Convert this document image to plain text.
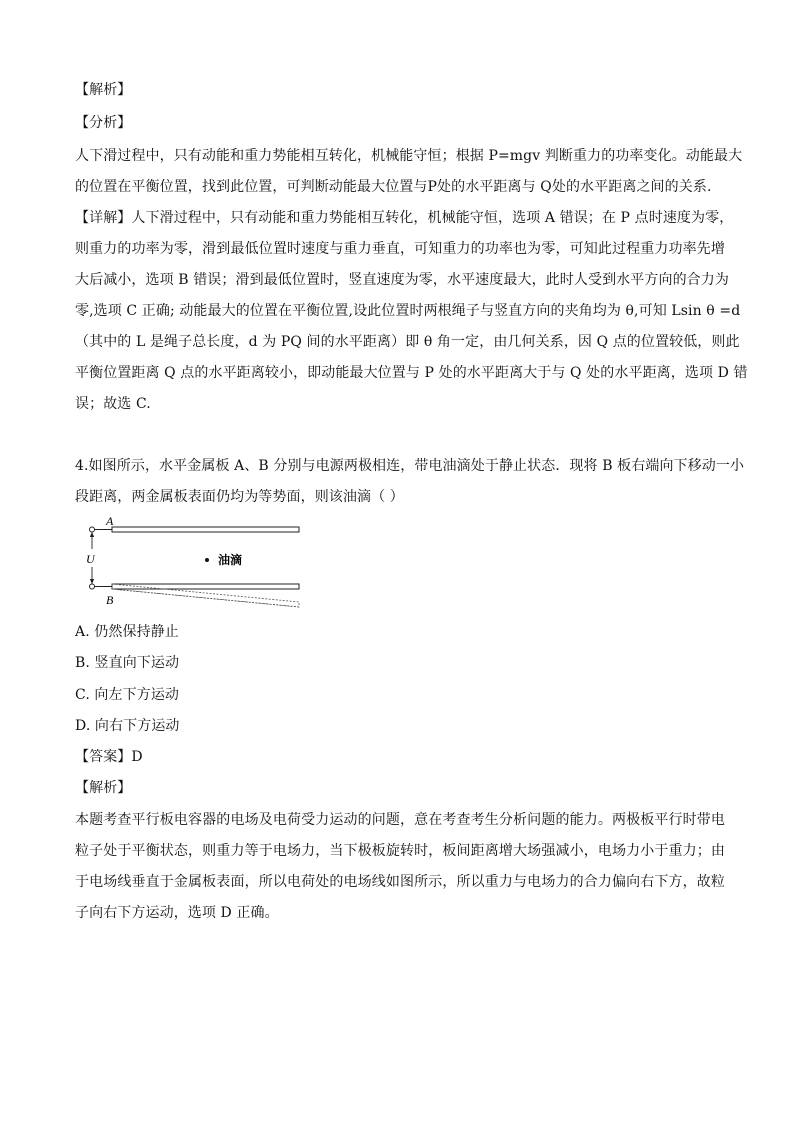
【解析】
【分析】
人下滑过程中，只有动能和重力势能相互转化，机械能守恒；根据 P=mgv 判断重力的功率变化。动能最大
的位置在平衡位置，找到此位置，可判断动能最大位置与P处的水平距离与 Q处的水平距离之间的关系.
【详解】人下滑过程中，只有动能和重力势能相互转化，机械能守恒，选项 A 错误；在 P 点时速度为零，
则重力的功率为零，滑到最低位置时速度与重力垂直，可知重力的功率也为零，可知此过程重力功率先增
大后减小，选项 B 错误；滑到最低位置时，竖直速度为零，水平速度最大，此时人受到水平方向的合力为
零,选项 C 正确; 动能最大的位置在平衡位置,设此位置时两根绳子与竖直方向的夹角均为 θ,可知 Lsin θ =d
（其中的 L 是绳子总长度，d 为 PQ 间的水平距离）即 θ 角一定，由几何关系，因 Q 点的位置较低，则此
平衡位置距离 Q 点的水平距离较小，即动能最大位置与 P 处的水平距离大于与 Q 处的水平距离，选项 D 错
误；故选 C.
4.如图所示，水平金属板 A、B 分别与电源两极相连，带电油滴处于静止状态．现将 B 板右端向下移动一小
段距离，两金属板表面仍均为等势面，则该油滴（ ）
A
U
B
油滴
A. 仍然保持静止
B. 竖直向下运动
C. 向左下方运动
D. 向右下方运动
【答案】D
【解析】
本题考查平行板电容器的电场及电荷受力运动的问题，意在考查考生分析问题的能力。两极板平行时带电
粒子处于平衡状态，则重力等于电场力，当下极板旋转时，板间距离增大场强减小，电场力小于重力；由
于电场线垂直于金属板表面，所以电荷处的电场线如图所示，所以重力与电场力的合力偏向右下方，故粒
子向右下方运动，选项 D 正确。
